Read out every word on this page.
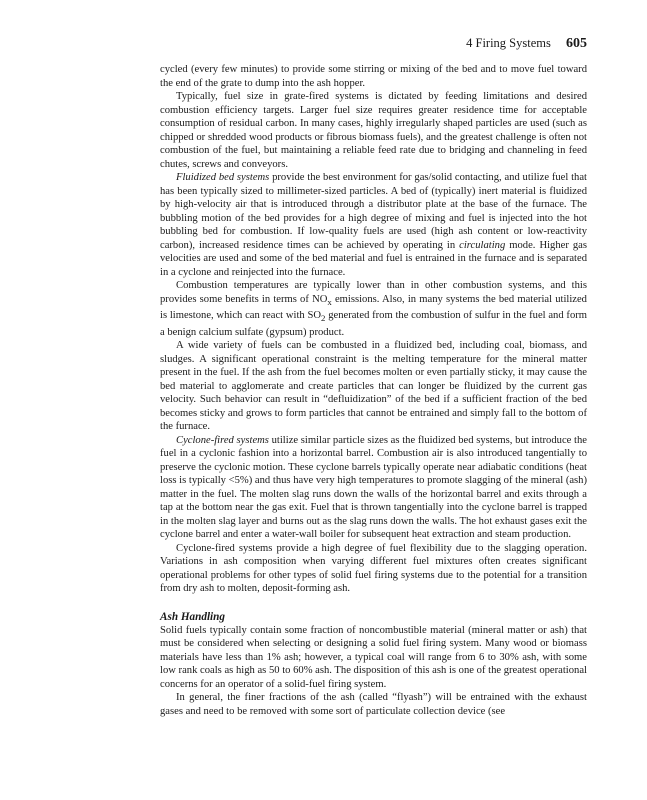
4 Firing Systems 605

cycled (every few minutes) to provide some stirring or mixing of the bed and to move fuel toward the end of the grate to dump into the ash hopper.

Typically, fuel size in grate-fired systems is dictated by feeding limitations and desired combustion efficiency targets. Larger fuel size requires greater residence time for acceptable consumption of residual carbon. In many cases, highly irregularly shaped particles are used (such as chipped or shredded wood products or fibrous biomass fuels), and the greatest challenge is often not combustion of the fuel, but maintaining a reliable feed rate due to bridging and channeling in feed chutes, screws and conveyors.

Fluidized bed systems provide the best environment for gas/solid contacting, and utilize fuel that has been typically sized to millimeter-sized particles. A bed of (typically) inert material is fluidized by high-velocity air that is introduced through a distributor plate at the base of the furnace. The bubbling motion of the bed provides for a high degree of mixing and fuel is injected into the hot bubbling bed for combustion. If low-quality fuels are used (high ash content or low-reactivity carbon), increased residence times can be achieved by operating in circulating mode. Higher gas velocities are used and some of the bed material and fuel is entrained in the furnace and is separated in a cyclone and reinjected into the furnace.

Combustion temperatures are typically lower than in other combustion systems, and this provides some benefits in terms of $NO_x$ emissions. Also, in many systems the bed material utilized is limestone, which can react with $SO_2$ generated from the combustion of sulfur in the fuel and form a benign calcium sulfate (gypsum) product.

A wide variety of fuels can be combusted in a fluidized bed, including coal, biomass, and sludges. A significant operational constraint is the melting temperature for the mineral matter present in the fuel. If the ash from the fuel becomes molten or even partially sticky, it may cause the bed material to agglomerate and create particles that can longer be fluidized by the current gas velocity. Such behavior can result in “defluidization” of the bed if a sufficient fraction of the bed becomes sticky and grows to form particles that cannot be entrained and simply fall to the bottom of the furnace.

Cyclone-fired systems utilize similar particle sizes as the fluidized bed systems, but introduce the fuel in a cyclonic fashion into a horizontal barrel. Combustion air is also introduced tangentially to preserve the cyclonic motion. These cyclone barrels typically operate near adiabatic conditions (heat loss is typically <5%) and thus have very high temperatures to promote slagging of the mineral (ash) matter in the fuel. The molten slag runs down the walls of the horizontal barrel and exits through a tap at the bottom near the gas exit. Fuel that is thrown tangentially into the cyclone barrel is trapped in the molten slag layer and burns out as the slag runs down the walls. The hot exhaust gases exit the cyclone barrel and enter a water-wall boiler for subsequent heat extraction and steam production.

Cyclone-fired systems provide a high degree of fuel flexibility due to the slagging operation. Variations in ash composition when varying different fuel mixtures often creates significant operational problems for other types of solid fuel firing systems due to the potential for a transition from dry ash to molten, deposit-forming ash.

Ash Handling

Solid fuels typically contain some fraction of noncombustible material (mineral matter or ash) that must be considered when selecting or designing a solid fuel firing system. Many wood or biomass materials have less than 1% ash; however, a typical coal will range from 6 to 30% ash, with some low rank coals as high as 50 to 60% ash. The disposition of this ash is one of the greatest operational concerns for an operator of a solid-fuel firing system.

In general, the finer fractions of the ash (called “flyash”) will be entrained with the exhaust gases and need to be removed with some sort of particulate collection device (see
